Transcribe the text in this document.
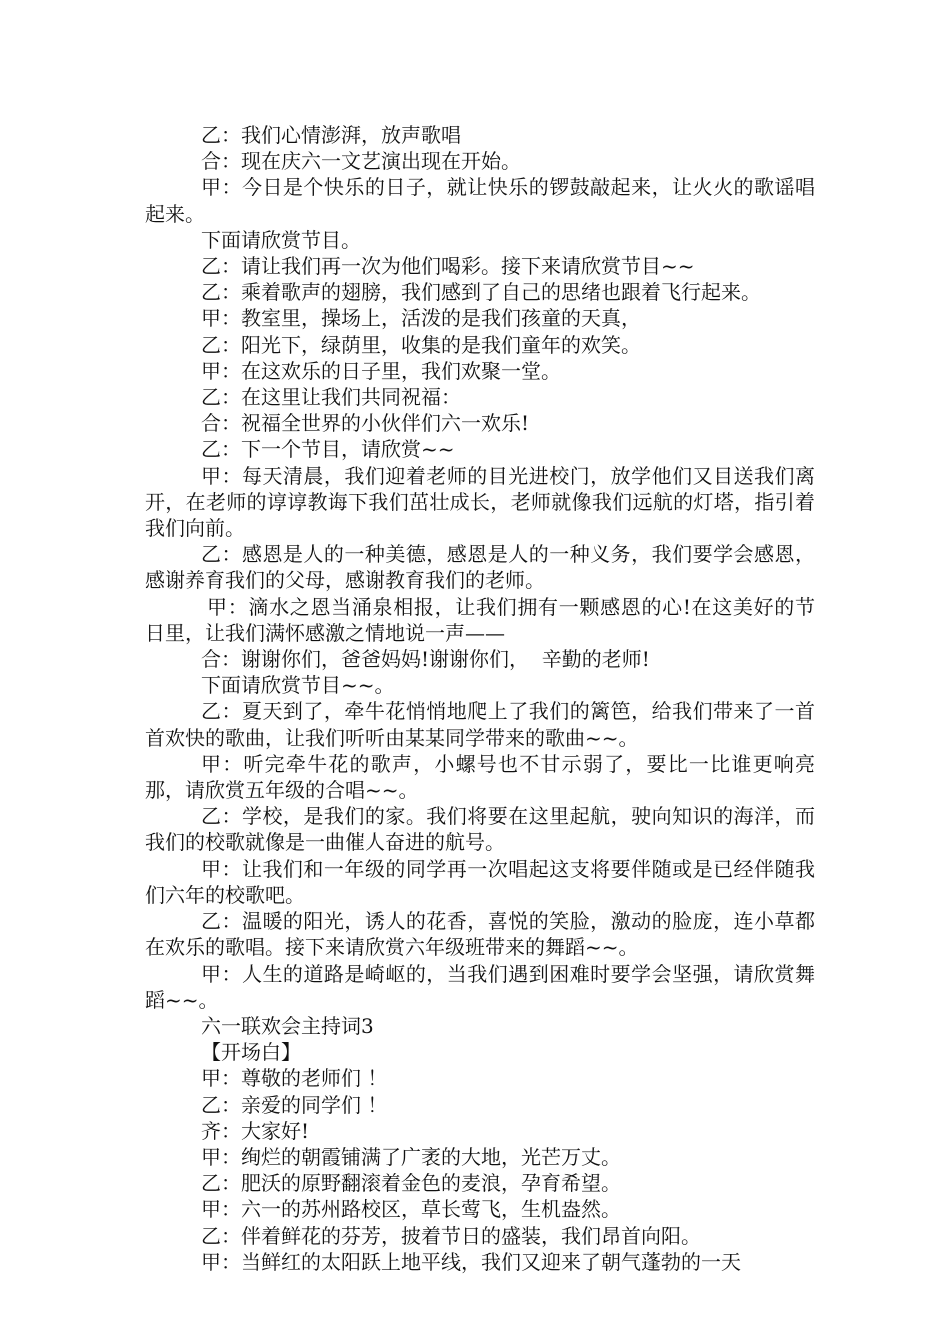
乙：我们心情澎湃，放声歌唱

合：现在庆六一文艺演出现在开始。

甲：今日是个快乐的日子，就让快乐的锣鼓敲起来，让火火的歌谣唱起来。

下面请欣赏节目。

乙：请让我们再一次为他们喝彩。接下来请欣赏节目~~

乙：乘着歌声的翅膀，我们感到了自己的思绪也跟着飞行起来。

甲：教室里，操场上，活泼的是我们孩童的天真，

乙：阳光下，绿荫里，收集的是我们童年的欢笑。

甲：在这欢乐的日子里，我们欢聚一堂。

乙：在这里让我们共同祝福：

合：祝福全世界的小伙伴们六一欢乐!

乙：下一个节目，请欣赏~~

甲：每天清晨，我们迎着老师的目光进校门，放学他们又目送我们离开，在老师的谆谆教诲下我们茁壮成长，老师就像我们远航的灯塔，指引着我们向前。

乙：感恩是人的一种美德，感恩是人的一种义务，我们要学会感恩，感谢养育我们的父母，感谢教育我们的老师。

甲：滴水之恩当涌泉相报，让我们拥有一颗感恩的心!在这美好的节日里，让我们满怀感激之情地说一声——

合：谢谢你们，爸爸妈妈!谢谢你们，  辛勤的老师!

下面请欣赏节目~~。

乙：夏天到了，牵牛花悄悄地爬上了我们的篱笆，给我们带来了一首首欢快的歌曲，让我们听听由某某同学带来的歌曲~~。

甲：听完牵牛花的歌声，小螺号也不甘示弱了，要比一比谁更响亮那，请欣赏五年级的合唱~~。

乙：学校，是我们的家。我们将要在这里起航，驶向知识的海洋，而我们的校歌就像是一曲催人奋进的航号。

甲：让我们和一年级的同学再一次唱起这支将要伴随或是已经伴随我们六年的校歌吧。

乙：温暖的阳光，诱人的花香，喜悦的笑脸，激动的脸庞，连小草都在欢乐的歌唱。接下来请欣赏六年级班带来的舞蹈~~。

甲：人生的道路是崎岖的，当我们遇到困难时要学会坚强，请欣赏舞蹈~~。

六一联欢会主持词3

【开场白】

甲：尊敬的老师们 ！

乙：亲爱的同学们 ！

齐：大家好!

甲：绚烂的朝霞铺满了广袤的大地，光芒万丈。

乙：肥沃的原野翻滚着金色的麦浪，孕育希望。

甲：六一的苏州路校区，草长莺飞，生机盎然。

乙：伴着鲜花的芬芳，披着节日的盛装，我们昂首向阳。

甲：当鲜红的太阳跃上地平线，我们又迎来了朝气蓬勃的一天
